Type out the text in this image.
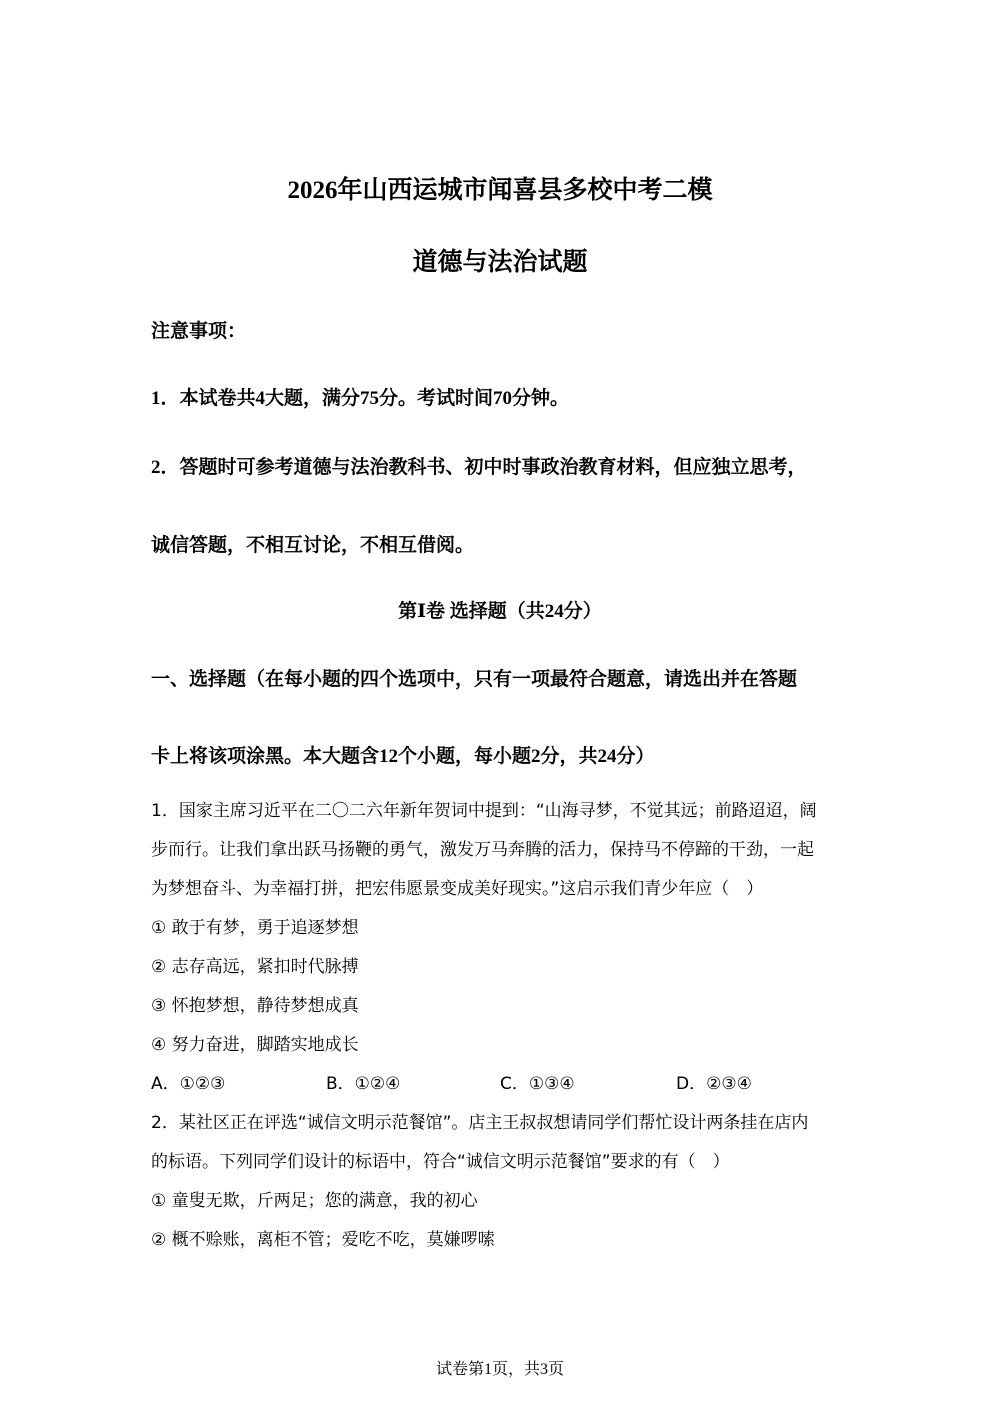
2026年山西运城市闻喜县多校中考二模
道德与法治试题
注意事项：
1．本试卷共4大题，满分75分。考试时间70分钟。
2．答题时可参考道德与法治教科书、初中时事政治教育材料，但应独立思考，
诚信答题，不相互讨论，不相互借阅。
第Ⅰ卷 选择题（共24分）
一、选择题（在每小题的四个选项中，只有一项最符合题意，请选出并在答题
卡上将该项涂黑。本大题含12个小题，每小题2分，共24分）
1．国家主席习近平在二〇二六年新年贺词中提到：“山海寻梦，不觉其远；前路迢迢，阔
步而行。让我们拿出跃马扬鞭的勇气，激发万马奔腾的活力，保持马不停蹄的干劲，一起
为梦想奋斗、为幸福打拼，把宏伟愿景变成美好现实。”这启示我们青少年应（　）
① 敢于有梦，勇于追逐梦想
② 志存高远，紧扣时代脉搏
③ 怀抱梦想，静待梦想成真
④ 努力奋进，脚踏实地成长
A．①②③	B．①②④	C．①③④	D．②③④
2．某社区正在评选“诚信文明示范餐馆”。店主王叔叔想请同学们帮忙设计两条挂在店内
的标语。下列同学们设计的标语中，符合“诚信文明示范餐馆”要求的有（　）
① 童叟无欺，斤两足；您的满意，我的初心
② 概不赊账，离柜不管；爱吃不吃，莫嫌啰嗦
试卷第1页，共3页
